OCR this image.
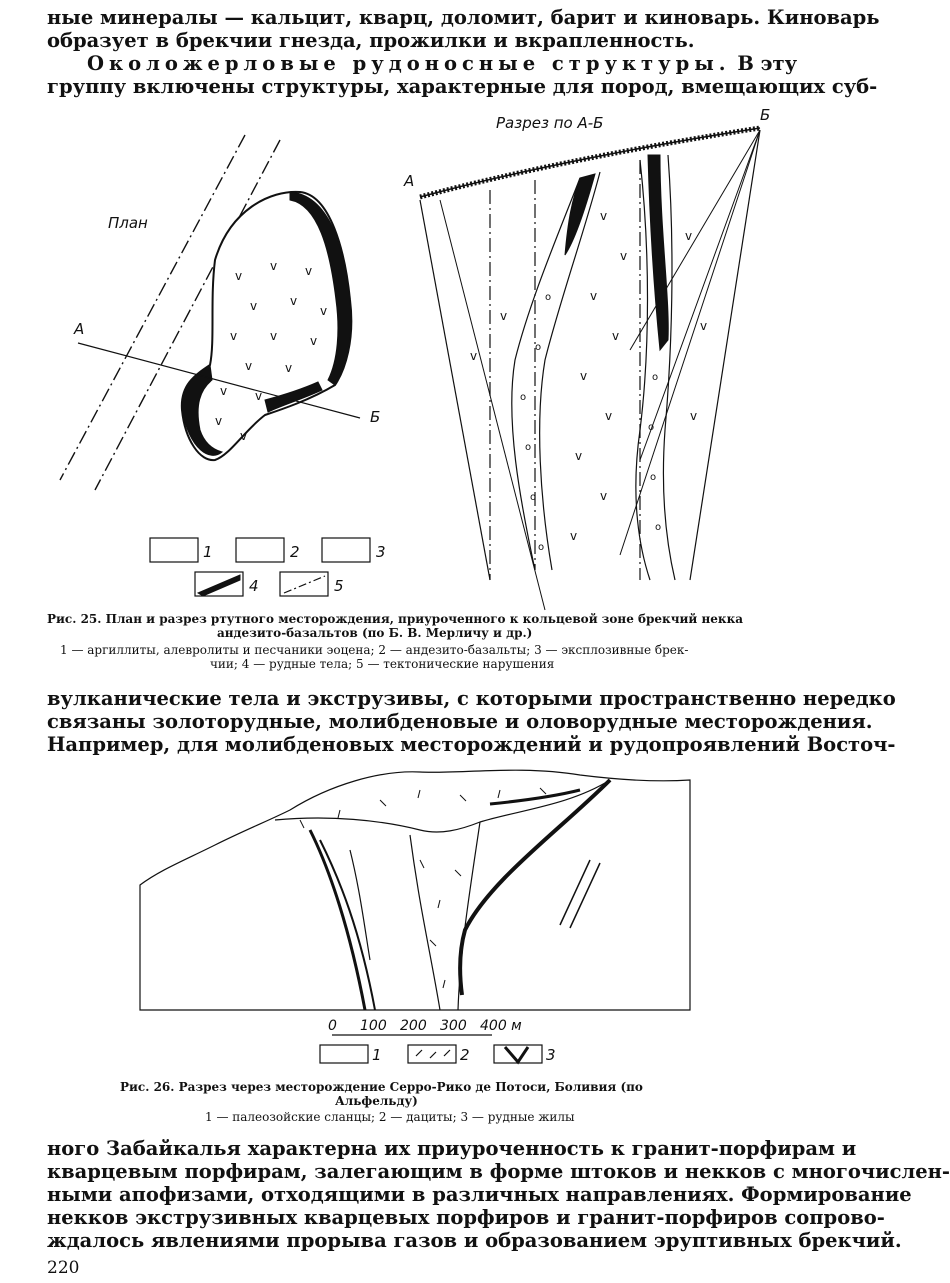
ные минералы — кальцит, кварц, доломит, барит и киноварь. Киноварь
образует в брекчии гнезда, прожилки и вкрапленность.

Околожерловые рудоносные структуры. В эту
группу включены структуры, характерные для пород, вмещающих суб-

v
v v
v	v
v
v	v	v
v	v
v v
v
v
v
v
v
v
v
v
v
v
v
v
v
v
v
v
o
o
o
o
o
o
o
o
o
o
План
Разрез по А-Б
А
Б
А
Б
1	2	3
4	5
Рис. 25. План и разрез ртутного месторождения, приуроченного к кольцевой зоне брекчий некка
андезито-базальтов (по Б. В. Мерличу и др.)
1 — аргиллиты, алевролиты и песчаники эоцена; 2 — андезито-базальты; 3 — эксплозивные брек-
чии; 4 — рудные тела; 5 — тектонические нарушения

вулканические тела и экструзивы, с которыми пространственно нередко
связаны золоторудные, молибденовые и оловорудные месторождения.
Например, для молибденовых месторождений и рудопроявлений Восточ-

0 100 200 300 400 м
1	2	3
Рис. 26. Разрез через месторождение Серро-Рико де Потоси, Боливия (по
Альфельду)
1 — палеозойские сланцы; 2 — дациты; 3 — рудные жилы

ного Забайкалья характерна их приуроченность к гранит-порфирам и
кварцевым порфирам, залегающим в форме штоков и некков с многочислен-
ными апофизами, отходящими в различных направлениях. Формирование
некков экструзивных кварцевых порфиров и гранит-порфиров сопрово-
ждалось явлениями прорыва газов и образованием эруптивных брекчий.

220
